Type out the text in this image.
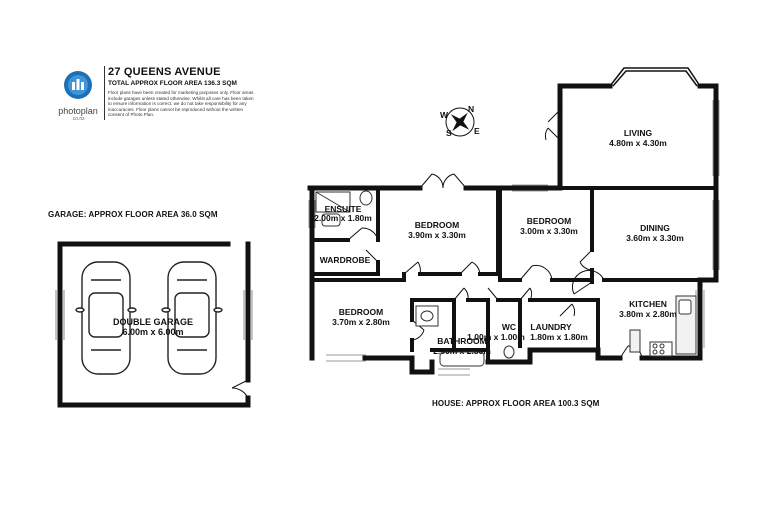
photoplan
.co.nz
27 QUEENS AVENUE
TOTAL APPROX FLOOR AREA 136.3 SQM
Floor plans have been created for marketing purposes only. Floor areas include garages unless stated otherwise. Whilst all care has been taken to ensure information is correct, we do not take responsibility for any inaccuracies. Floor plans cannot be reproduced without the written consent of Photo Plan.
GARAGE: APPROX FLOOR AREA 36.0 SQM
HOUSE: APPROX FLOOR AREA 100.3 SQM
N
S	E
W
DOUBLE GARAGE
6.00m x 6.00m
LIVING
4.80m x 4.30m
DINING
3.60m x 3.30m
KITCHEN
3.80m x 2.80m
ENSUITE
2.00m x 1.80m
WARDROBE
BEDROOM
3.90m x 3.30m
BEDROOM
3.00m x 3.30m
BEDROOM
3.70m x 2.80m
BATHROOM
2.50m x 2.30m
WC
1.00m x 1.00m
LAUNDRY
1.80m x 1.80m
